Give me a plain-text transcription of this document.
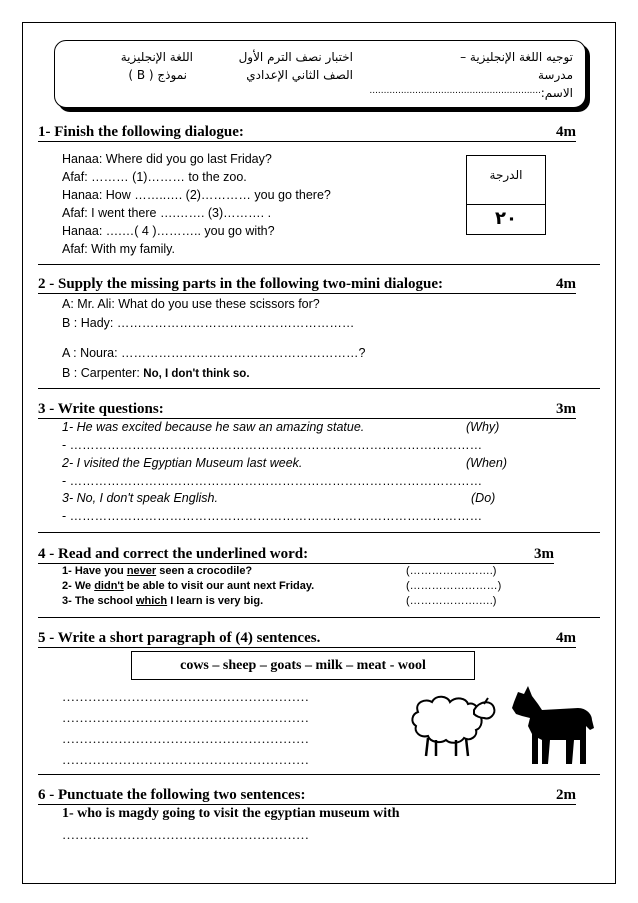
توجيه اللغة الإنجليزية –
اختبار نصف الترم الأول
اللغة الإنجليزية
مدرسة
الصف الثاني الإعدادي
نموذج ( B )
الاسم:
............................................................
1- Finish the following dialogue:	4m
Hanaa: Where did you go last Friday?
Afaf: ……… (1)……… to the zoo.
Hanaa: How ……..…. (2)………… you go there?
Afaf: I went there ….……. (3)………. .
Hanaa: ….…( 4 )……….. you go with?
Afaf: With my family.
الدرجة
٢٠
2 - Supply the missing parts in the following two-mini dialogue:	4m
A: Mr. Ali: What do you use these scissors for?
B : Hady: …………………………………………………
A : Noura: …………………………………………………?
B : Carpenter: No, I don't think so.
3 - Write questions:	3m
1- He was excited because he saw an amazing statue.	(Why)
- ………………………………………………………………………………………
2- I visited the Egyptian Museum last week.	(When)
- ………………………………………………………………………………………
3- No, I don't speak English.	(Do)
- ………………………………………………………………………………………
4 - Read and correct the underlined word:	3m
1- Have you never seen a crocodile?	(…………….…….)
2- We didn't be able to visit our aunt next Friday.	(……………………)
3- The school which I learn is very big.	(……………….….)
5 - Write a short paragraph of (4) sentences.	4m
cows – sheep – goats – milk – meat - wool
…………………………………………………
…………………………………………………
…………………………………………………
…………………………………………………
6 - Punctuate the following two sentences:	2m
1- who is magdy going to visit the egyptian museum with
…………………………………………………
